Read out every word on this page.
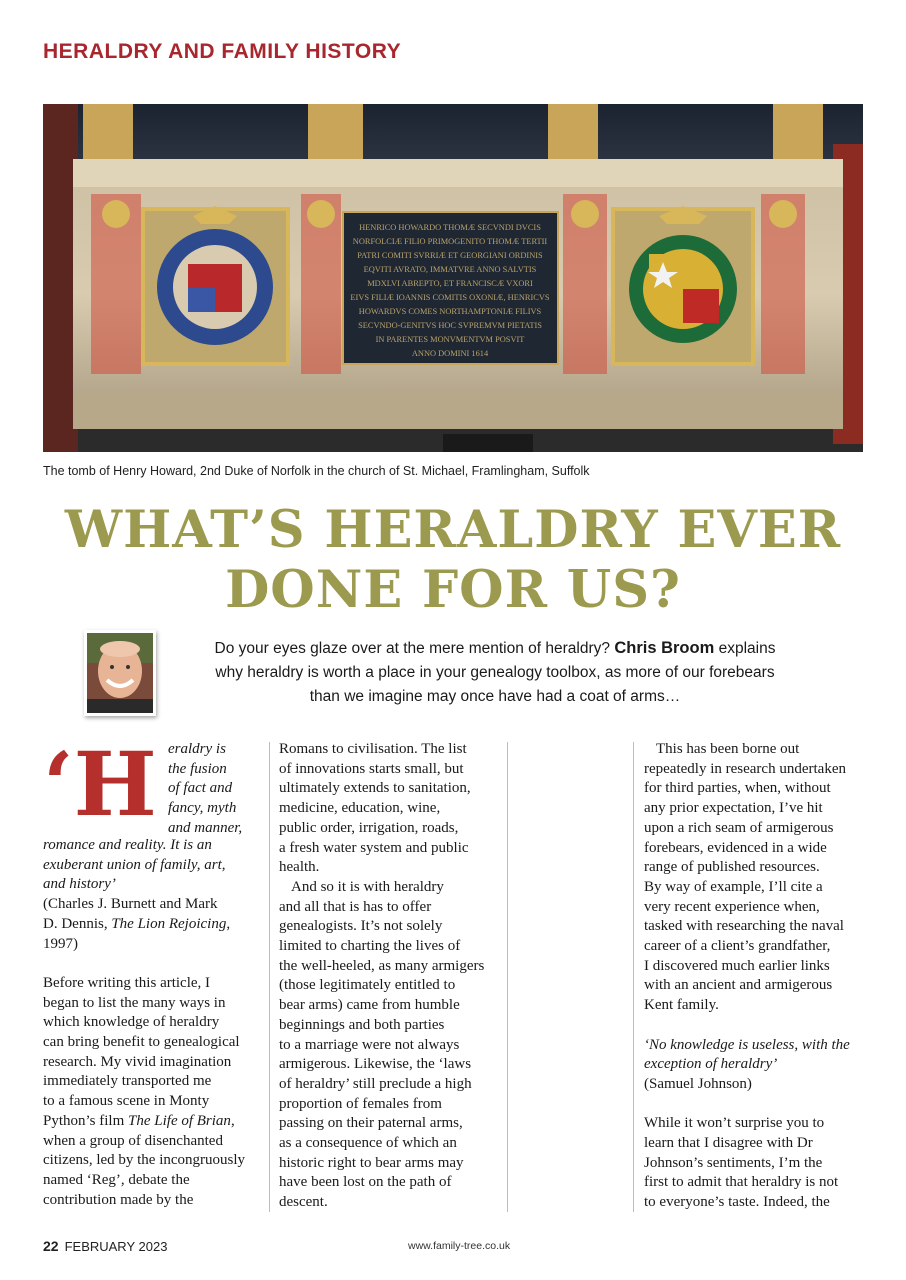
HERALDRY AND FAMILY HISTORY
HENRICO HOWARDO THOMÆ SECVNDI DVCIS
NORFOLCIÆ FILIO PRIMOGENITO THOMÆ TERTII
PATRI COMITI SVRRIÆ ET GEORGIANI ORDINIS
EQVITI AVRATO, IMMATVRE ANNO SALVTIS
MDXLVI ABREPTO, ET FRANCISCÆ VXORI
EIVS FILIÆ IOANNIS COMITIS OXONIÆ, HENRICVS
HOWARDVS COMES NORTHAMPTONIÆ FILIVS
SECVNDO-GENITVS HOC SVPREMVM PIETATIS
IN PARENTES MONVMENTVM POSVIT
ANNO DOMINI 1614
The tomb of Henry Howard, 2nd Duke of Norfolk in the church of St. Michael, Framlingham, Suffolk
WHAT’S HERALDRY EVER
DONE FOR US?
Do your eyes glaze over at the mere mention of heraldry? Chris Broom explains
why heraldry is worth a place in your genealogy toolbox, as more of our forebears
than we imagine may once have had a coat of arms…
‘H eraldry is
the fusion
of fact and
fancy, myth
and manner,

romance and reality. It is an
exuberant union of family, art,
and history’

(Charles J. Burnett and Mark
D. Dennis, The Lion Rejoicing,
1997)

Before writing this article, I
began to list the many ways in
which knowledge of heraldry
can bring benefit to genealogical
research. My vivid imagination
immediately transported me
to a famous scene in Monty
Python’s film The Life of Brian,
when a group of disenchanted
citizens, led by the incongruously
named ‘Reg’, debate the
contribution made by the

Romans to civilisation. The list
of innovations starts small, but
ultimately extends to sanitation,
medicine, education, wine,
public order, irrigation, roads,
a fresh water system and public
health.

And so it is with heraldry
and all that is has to offer
genealogists. It’s not solely
limited to charting the lives of
the well-heeled, as many armigers
(those legitimately entitled to
bear arms) came from humble
beginnings and both parties
to a marriage were not always
armigerous. Likewise, the ‘laws
of heraldry’ still preclude a high
proportion of females from
passing on their paternal arms,
as a consequence of which an
historic right to bear arms may
have been lost on the path of
descent.

This has been borne out
repeatedly in research undertaken
for third parties, when, without
any prior expectation, I’ve hit
upon a rich seam of armigerous
forebears, evidenced in a wide
range of published resources.
By way of example, I’ll cite a
very recent experience when,
tasked with researching the naval
career of a client’s grandfather,
I discovered much earlier links
with an ancient and armigerous
Kent family.

‘No knowledge is useless, with the
exception of heraldry’

(Samuel Johnson)

While it won’t surprise you to
learn that I disagree with Dr
Johnson’s sentiments, I’m the
first to admit that heraldry is not
to everyone’s taste. Indeed, the

22 FEBRUARY 2023	www.family-tree.co.uk
